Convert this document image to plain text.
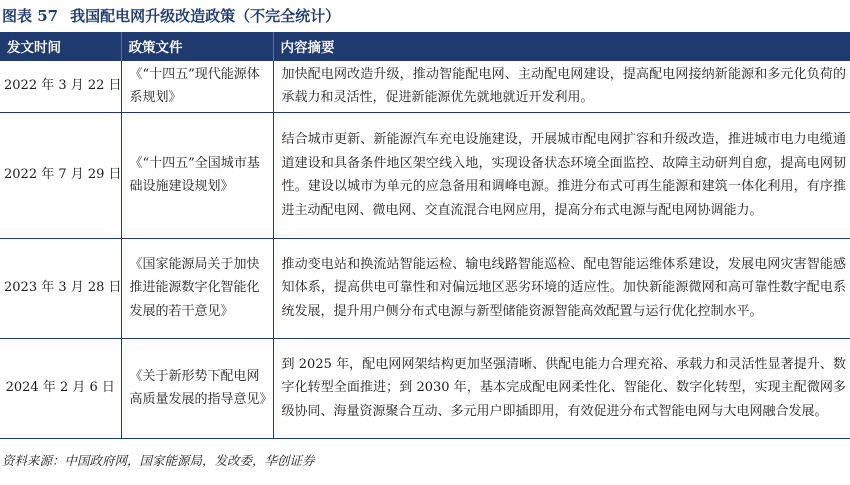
图表 57 我国配电网升级改造政策（不完全统计）
发文时间	政策文件	内容摘要
2022 年 3 月 22 日	《“十四五”现代能源体系规划》	加快配电网改造升级，推动智能配电网、主动配电网建设，提高配电网接纳新能源和多元化负荷的承载力和灵活性，促进新能源优先就地就近开发利用。
2022 年 7 月 29 日	《“十四五”全国城市基础设施建设规划》	结合城市更新、新能源汽车充电设施建设，开展城市配电网扩容和升级改造，推进城市电力电缆通道建设和具备条件地区架空线入地，实现设备状态环境全面监控、故障主动研判自愈，提高电网韧性。建设以城市为单元的应急备用和调峰电源。推进分布式可再生能源和建筑一体化利用，有序推进主动配电网、微电网、交直流混合电网应用，提高分布式电源与配电网协调能力。
2023 年 3 月 28 日	《国家能源局关于加快推进能源数字化智能化发展的若干意见》	推动变电站和换流站智能运检、输电线路智能巡检、配电智能运维体系建设，发展电网灾害智能感知体系，提高供电可靠性和对偏远地区恶劣环境的适应性。加快新能源微网和高可靠性数字配电系统发展，提升用户侧分布式电源与新型储能资源智能高效配置与运行优化控制水平。
2024 年 2 月 6 日	《关于新形势下配电网高质量发展的指导意见》	到 2025 年，配电网网架结构更加坚强清晰、供配电能力合理充裕、承载力和灵活性显著提升、数字化转型全面推进；到 2030 年，基本完成配电网柔性化、智能化、数字化转型，实现主配微网多级协同、海量资源聚合互动、多元用户即插即用，有效促进分布式智能电网与大电网融合发展。
资料来源：中国政府网，国家能源局，发改委，华创证券
